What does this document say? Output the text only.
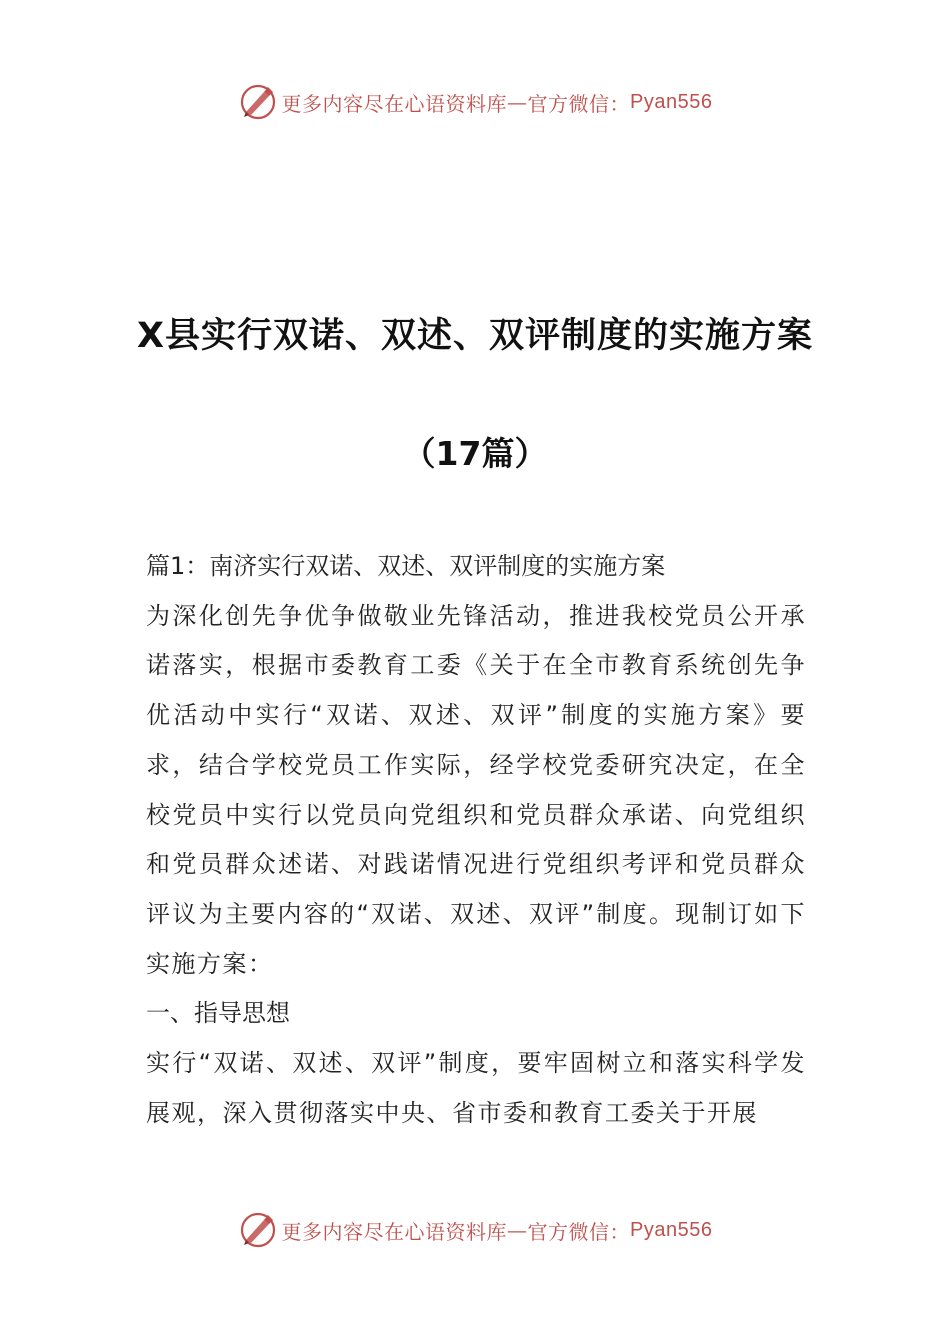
更多内容尽在心语资料库 — 官方微信： Pyan556
X县实行双诺、双述、双评制度的实施方案
（17篇）

篇1：南济实行双诺、双述、双评制度的实施方案

为深化创先争优争做敬业先锋活动，推进我校党员公开承诺落实，根据市委教育工委《关于在全市教育系统创先争优活动中实行“双诺、双述、双评”制度的实施方案》要求，结合学校党员工作实际，经学校党委研究决定，在全校党员中实行以党员向党组织和党员群众承诺、向党组织和党员群众述诺、对践诺情况进行党组织考评和党员群众评议为主要内容的“双诺、双述、双评”制度。现制订如下实施方案：

一、指导思想

实行“双诺、双述、双评”制度，要牢固树立和落实科学发展观，深入贯彻落实中央、省市委和教育工委关于开展

更多内容尽在心语资料库 — 官方微信： Pyan556
